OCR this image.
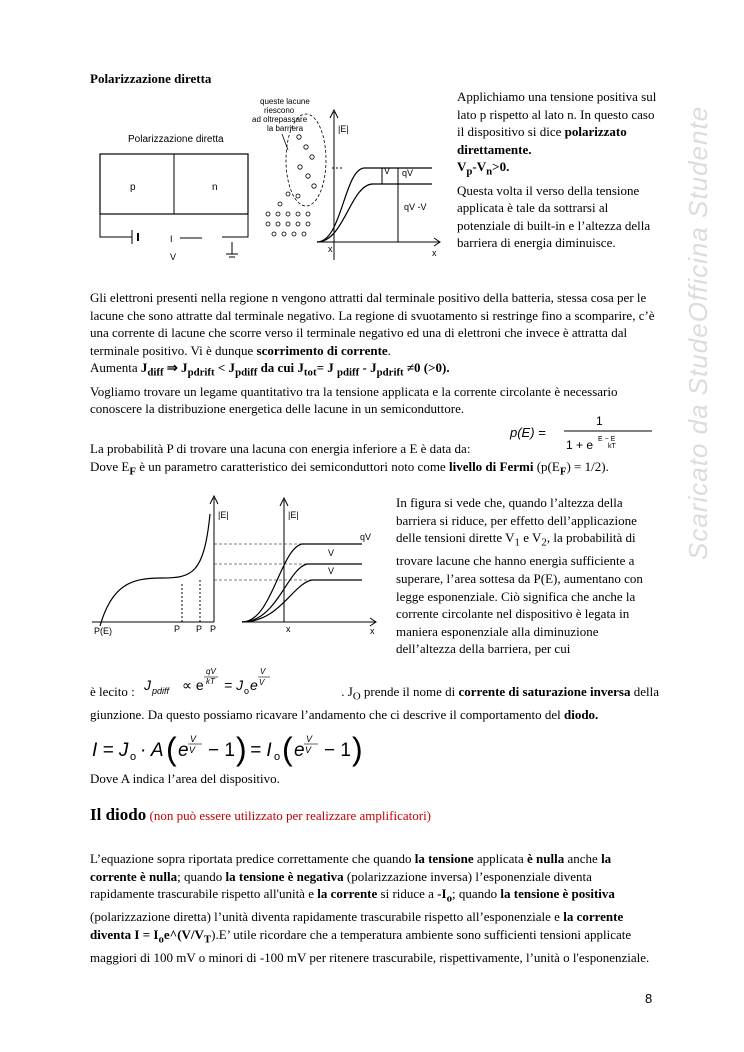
Polarizzazione diretta
Polarizzazione diretta
queste lacune
riescono
ad oltrepassare
la barriera
p	n
I
V
|E|
V qV
qV -V
x
x
Applichiamo una tensione positiva sul lato p rispetto al lato n. In questo caso il dispositivo si dice polarizzato direttamente.
$V_p-V_n>0$.
Questa volta il verso della tensione applicata è tale da sottrarsi al potenziale di built-in e l’altezza della barriera di energia diminuisce.
Gli elettroni presenti nella regione n vengono attratti dal terminale positivo della batteria, stessa cosa per le lacune che sono attratte dal terminale negativo. La regione di svuotamento si restringe fino a scomparire, c’è una corrente di lacune che scorre verso il terminale negativo ed una di elettroni che invece è attratta dal terminale positivo. Vi è dunque scorrimento di corrente.
Aumenta $J_{diff}$ ⇒ $J_{pdrift} < J_{pdiff}$ da cui $J_{tot}= J$ $_{pdiff} - J_{pdrift} \ne 0$ (>0).
Vogliamo trovare un legame quantitativo tra la tensione applicata e la corrente circolante è necessario conoscere la distribuzione energetica delle lacune in un semiconduttore.
La probabilità P di trovare una lacuna con energia inferiore a E è data da:
Dove $E_F$ è un parametro caratteristico dei semiconduttori noto come livello di Fermi $(p(E_F) = 1/2)$.
p(E) =
1
1 + e E − E
kT
|E|
P(E)	P P P
|E|
V
V
qV
x
x
In figura si vede che, quando l’altezza della barriera si riduce, per effetto dell’applicazione delle tensioni dirette $V_1$ e $V_2$, la probabilità di trovare lacune che hanno energia sufficiente a superare, l’area sottesa da P(E), aumentano con legge esponenziale. Ciò significa che anche la corrente circolante nel dispositivo è legata in maniera esponenziale alla diminuzione dell’altezza della barriera, per cui
è lecito :	. $J_O$ prende il nome di corrente di saturazione inversa della giunzione. Da questo possiamo ricavare l’andamento che ci descrive il comportamento del diodo.
J pdiff ∝ e
qV
kT = J o e
V
V
I = J o · A ( e
V
V − 1 ) = I o ( e
V
V − 1 )
Dove A indica l’area del dispositivo.
Il diodo (non può essere utilizzato per realizzare amplificatori)
L’equazione sopra riportata predice correttamente che quando la tensione applicata è nulla anche la corrente è nulla; quando la tensione è negativa (polarizzazione inversa) l’esponenziale diventa rapidamente trascurabile rispetto all'unità e la corrente si riduce a $-I_o$; quando la tensione è positiva (polarizzazione diretta) l’unità diventa rapidamente trascurabile rispetto all’esponenziale e la corrente diventa $I = I_oe\^{}(V/V_T).E$’ utile ricordare che a temperatura ambiente sono sufficienti tensioni applicate maggiori di 100 mV o minori di -100 mV per ritenere trascurabile, rispettivamente, l’unità o l'esponenziale.
8
Scaricato da StudeOfficina Studente
